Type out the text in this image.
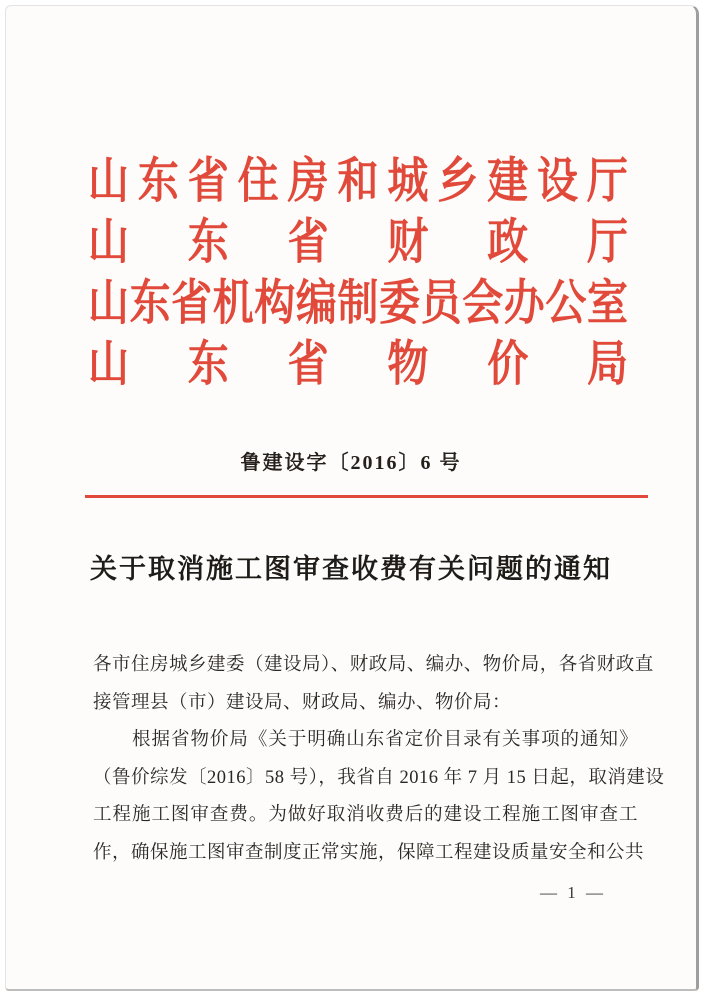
山 东 省 住 房 和 城 乡 建 设 厅
山 东 省 财 政 厅
山 东 省 机 构 编 制 委 员 会 办 公 室
山 东 省 物 价 局
鲁建设字〔2016〕6 号
关于取消施工图审查收费有关问题的通知
各市住房城乡建委（建设局）、财政局、编办、物价局，各省财政直
接管理县（市）建设局、财政局、编办、物价局：
根据省物价局《关于明确山东省定价目录有关事项的通知》
（鲁价综发〔2016〕58 号），我省自 2016 年 7 月 15 日起，取消建设
工程施工图审查费。为做好取消收费后的建设工程施工图审查工
作，确保施工图审查制度正常实施，保障工程建设质量安全和公共
— 1 —
